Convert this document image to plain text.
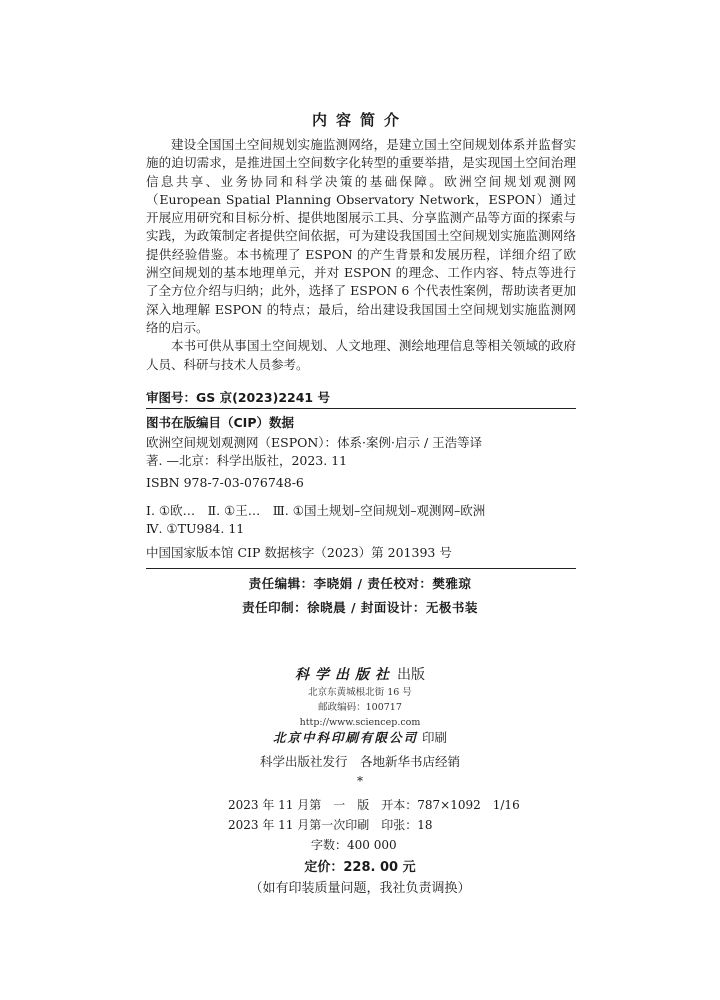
内容简介

建设全国国土空间规划实施监测网络，是建立国土空间规划体系并监督实施的迫切需求，是推进国土空间数字化转型的重要举措，是实现国土空间治理信息共享、业务协同和科学决策的基础保障。欧洲空间规划观测网（European Spatial Planning Observatory Network，ESPON）通过开展应用研究和目标分析、提供地图展示工具、分享监测产品等方面的探索与实践，为政策制定者提供空间依据，可为建设我国国土空间规划实施监测网络提供经验借鉴。本书梳理了 ESPON 的产生背景和发展历程，详细介绍了欧洲空间规划的基本地理单元，并对 ESPON 的理念、工作内容、特点等进行了全方位介绍与归纳；此外，选择了 ESPON 6 个代表性案例，帮助读者更加深入地理解 ESPON 的特点；最后，给出建设我国国土空间规划实施监测网络的启示。

本书可供从事国土空间规划、人文地理、测绘地理信息等相关领域的政府人员、科研与技术人员参考。

审图号：GS 京(2023)2241 号
图书在版编目（CIP）数据

欧洲空间规划观测网（ESPON）：体系·案例·启示 / 王浩等译

著. —北京：科学出版社，2023. 11

ISBN 978-7-03-076748-6

Ⅰ. ①欧…　Ⅱ. ①王…　Ⅲ. ①国土规划–空间规划–观测网–欧洲

Ⅳ. ①TU984. 11

中国国家版本馆 CIP 数据核字（2023）第 201393 号
责任编辑：李晓娟 / 责任校对：樊雅琼
责任印制：徐晓晨 / 封面设计：无极书装
科学出版社 出版
北京东黄城根北街 16 号
邮政编码：100717
http://www.sciencep.com
北京中科印刷有限公司 印刷
科学出版社发行　各地新华书店经销
*
2023 年 11 月第　一　版　开本：787×1092　1/16
2023 年 11 月第一次印刷　印张：18
字数：400 000
定价：228. 00 元
（如有印装质量问题，我社负责调换）
